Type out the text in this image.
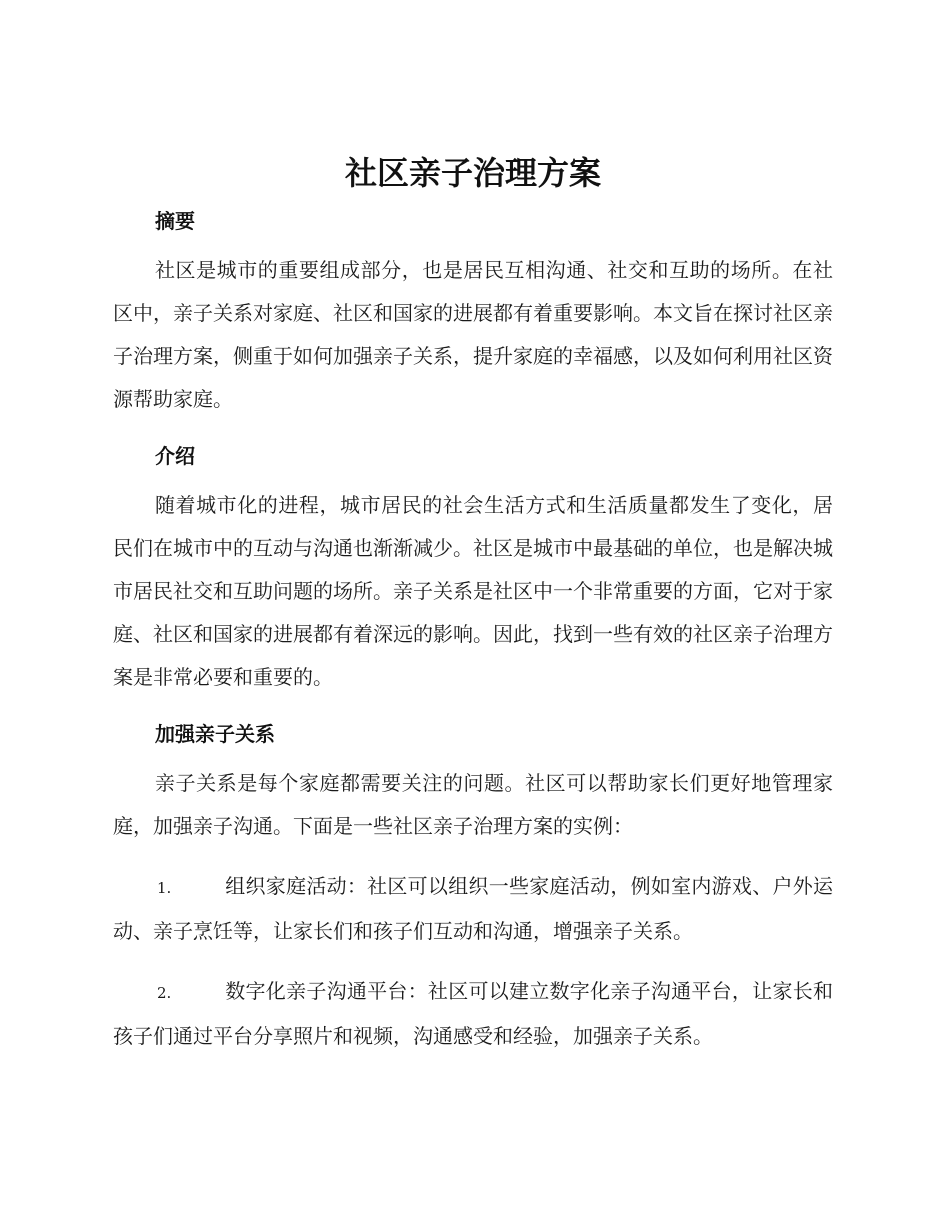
社区亲子治理方案
摘要

社区是城市的重要组成部分，也是居民互相沟通、社交和互助的场所。在社区中，亲子关系对家庭、社区和国家的进展都有着重要影响。本文旨在探讨社区亲子治理方案，侧重于如何加强亲子关系，提升家庭的幸福感，以及如何利用社区资源帮助家庭。

介绍

随着城市化的进程，城市居民的社会生活方式和生活质量都发生了变化，居民们在城市中的互动与沟通也渐渐减少。社区是城市中最基础的单位，也是解决城市居民社交和互助问题的场所。亲子关系是社区中一个非常重要的方面，它对于家庭、社区和国家的进展都有着深远的影响。因此，找到一些有效的社区亲子治理方案是非常必要和重要的。

加强亲子关系

亲子关系是每个家庭都需要关注的问题。社区可以帮助家长们更好地管理家庭，加强亲子沟通。下面是一些社区亲子治理方案的实例：

1.	组织家庭活动：社区可以组织一些家庭活动，例如室内游戏、户外运动、亲子烹饪等，让家长们和孩子们互动和沟通，增强亲子关系。

2.	数字化亲子沟通平台：社区可以建立数字化亲子沟通平台，让家长和孩子们通过平台分享照片和视频，沟通感受和经验，加强亲子关系。
